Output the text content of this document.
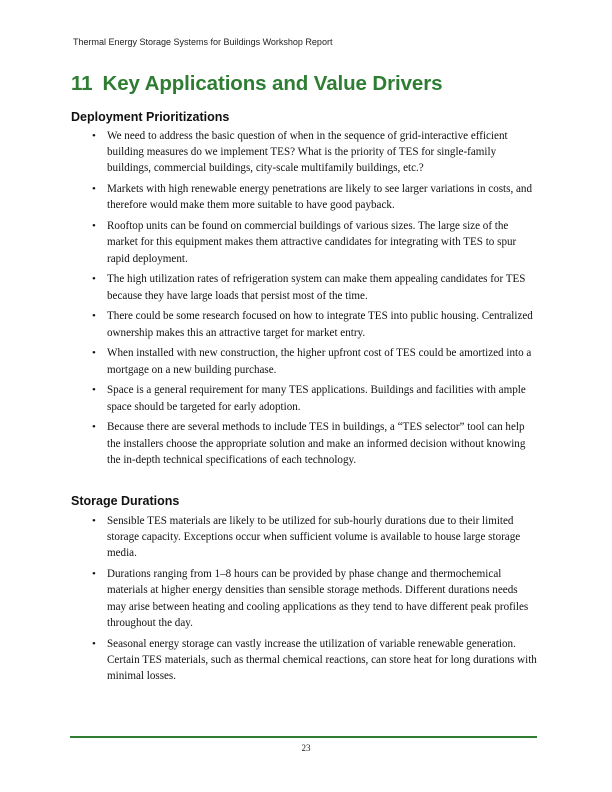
Thermal Energy Storage Systems for Buildings Workshop Report
11 Key Applications and Value Drivers
Deployment Prioritizations
• We need to address the basic question of when in the sequence of grid-interactive efficient building measures do we implement TES? What is the priority of TES for single-family buildings, commercial buildings, city-scale multifamily buildings, etc.?
• Markets with high renewable energy penetrations are likely to see larger variations in costs, and therefore would make them more suitable to have good payback.
• Rooftop units can be found on commercial buildings of various sizes. The large size of the market for this equipment makes them attractive candidates for integrating with TES to spur rapid deployment.
• The high utilization rates of refrigeration system can make them appealing candidates for TES because they have large loads that persist most of the time.
• There could be some research focused on how to integrate TES into public housing. Centralized ownership makes this an attractive target for market entry.
• When installed with new construction, the higher upfront cost of TES could be amortized into a mortgage on a new building purchase.
• Space is a general requirement for many TES applications. Buildings and facilities with ample space should be targeted for early adoption.
• Because there are several methods to include TES in buildings, a “TES selector” tool can help the installers choose the appropriate solution and make an informed decision without knowing the in-depth technical specifications of each technology.
Storage Durations
• Sensible TES materials are likely to be utilized for sub-hourly durations due to their limited storage capacity. Exceptions occur when sufficient volume is available to house large storage media.
• Durations ranging from 1–8 hours can be provided by phase change and thermochemical materials at higher energy densities than sensible storage methods. Different durations needs may arise between heating and cooling applications as they tend to have different peak profiles throughout the day.
• Seasonal energy storage can vastly increase the utilization of variable renewable generation. Certain TES materials, such as thermal chemical reactions, can store heat for long durations with minimal losses.
23
